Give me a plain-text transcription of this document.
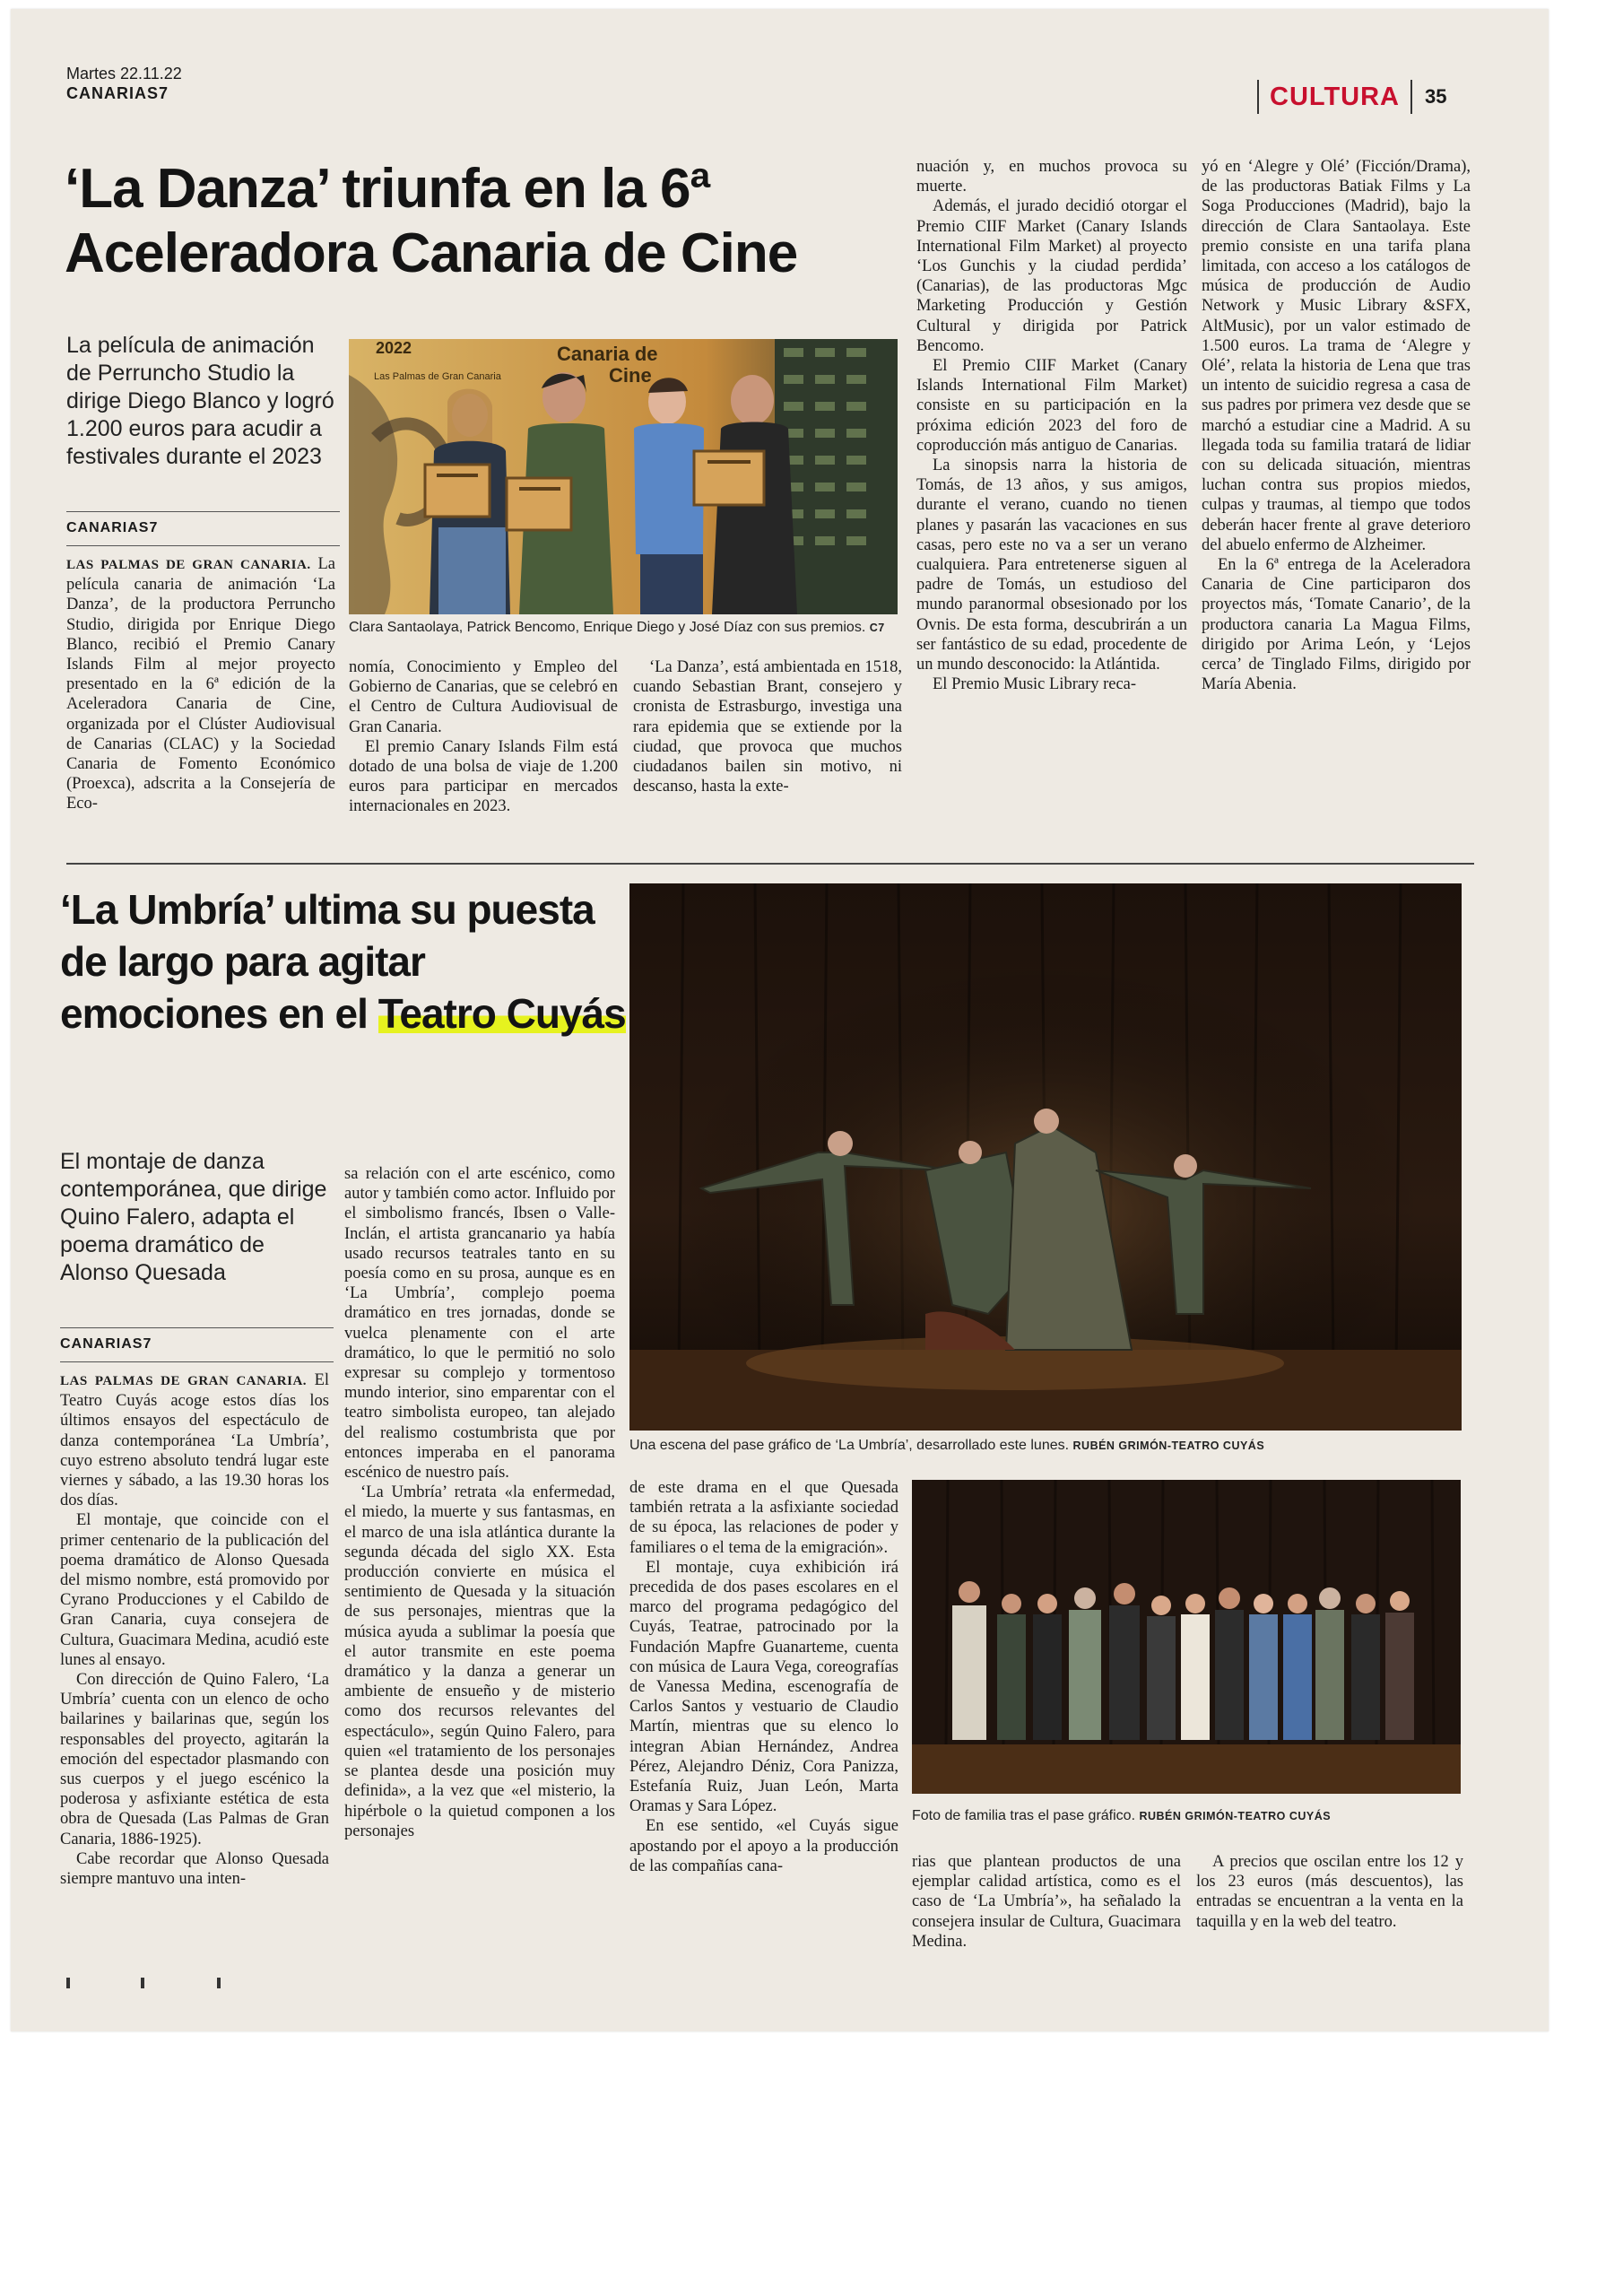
Martes 22.11.22
CANARIAS7	CULTURA	35
‘La Danza’ triunfa en la 6ª Aceleradora Canaria de Cine
La película de animación de Perruncho Studio la dirige Diego Blanco y logró 1.200 euros para acudir a festivales durante el 2023
CANARIAS7
2022
Las Palmas de Gran Canaria
Canaria de
Cine
Clara Santaolaya, Patrick Bencomo, Enrique Diego y José Díaz con sus premios. C7

LAS PALMAS DE GRAN CANARIA. La película canaria de animación ‘La Danza’, de la productora Perruncho Studio, dirigida por Enrique Diego Blanco, recibió el Premio Canary Islands Film al mejor proyecto presentado en la 6ª edición de la Aceleradora Canaria de Cine, organizada por el Clúster Audiovisual de Canarias (CLAC) y la Sociedad Canaria de Fomento Económico (Proexca), adscrita a la Consejería de Eco-

nomía, Conocimiento y Empleo del Gobierno de Canarias, que se celebró en el Centro de Cultura Audiovisual de Gran Canaria.

El premio Canary Islands Film está dotado de una bolsa de viaje de 1.200 euros para participar en mercados internacionales en 2023.

‘La Danza’, está ambientada en 1518, cuando Sebastian Brant, consejero y cronista de Estrasburgo, investiga una rara epidemia que se extiende por la ciudad, que provoca que muchos ciudadanos bailen sin motivo, ni descanso, hasta la exte-

nuación y, en muchos provoca su muerte.

Además, el jurado decidió otorgar el Premio CIIF Market (Canary Islands International Film Market) al proyecto ‘Los Gunchis y la ciudad perdida’ (Canarias), de las productoras Mgc Marketing Producción y Gestión Cultural y dirigida por Patrick Bencomo.

El Premio CIIF Market (Canary Islands International Film Market) consiste en su participación en la próxima edición 2023 del foro de coproducción más antiguo de Canarias.

La sinopsis narra la historia de Tomás, de 13 años, y sus amigos, durante el verano, cuando no tienen planes y pasarán las vacaciones en sus casas, pero este no va a ser un verano cualquiera. Para entretenerse siguen al padre de Tomás, un estudioso del mundo paranormal obsesionado por los Ovnis. De esta forma, descubrirán a un ser fantástico de su edad, procedente de un mundo desconocido: la Atlántida.

El Premio Music Library reca-

yó en ‘Alegre y Olé’ (Ficción/Drama), de las productoras Batiak Films y La Soga Producciones (Madrid), bajo la dirección de Clara Santaolaya. Este premio consiste en una tarifa plana limitada, con acceso a los catálogos de música de producción de Audio Network y Music Library &SFX, AltMusic), por un valor estimado de 1.500 euros. La trama de ‘Alegre y Olé’, relata la historia de Lena que tras un intento de suicidio regresa a casa de sus padres por primera vez desde que se marchó a estudiar cine a Madrid. A su llegada toda su familia tratará de lidiar con su delicada situación, mientras luchan contra sus propios miedos, culpas y traumas, al tiempo que todos deberán hacer frente al grave deterioro del abuelo enfermo de Alzheimer.

En la 6ª entrega de la Aceleradora Canaria de Cine participaron dos proyectos más, ‘Tomate Canario’, de la productora canaria La Magua Films, dirigido por Arima León, y ‘Lejos cerca’ de Tinglado Films, dirigido por María Abenia.

‘La Umbría’ ultima su puesta de largo para agitar emociones en el Teatro Cuyás
El montaje de danza contemporánea, que dirige Quino Falero, adapta el poema dramático de Alonso Quesada
CANARIAS7
Una escena del pase gráfico de ‘La Umbría’, desarrollado este lunes. RUBÉN GRIMÓN-TEATRO CUYÁS
Foto de familia tras el pase gráfico. RUBÉN GRIMÓN-TEATRO CUYÁS

LAS PALMAS DE GRAN CANARIA. El Teatro Cuyás acoge estos días los últimos ensayos del espectáculo de danza contemporánea ‘La Umbría’, cuyo estreno absoluto tendrá lugar este viernes y sábado, a las 19.30 horas los dos días.

El montaje, que coincide con el primer centenario de la publicación del poema dramático de Alonso Quesada del mismo nombre, está promovido por Cyrano Producciones y el Cabildo de Gran Canaria, cuya consejera de Cultura, Guacimara Medina, acudió este lunes al ensayo.

Con dirección de Quino Falero, ‘La Umbría’ cuenta con un elenco de ocho bailarines y bailarinas que, según los responsables del proyecto, agitarán la emoción del espectador plasmando con sus cuerpos y el juego escénico la poderosa y asfixiante estética de esta obra de Quesada (Las Palmas de Gran Canaria, 1886-1925).

Cabe recordar que Alonso Quesada siempre mantuvo una inten-

sa relación con el arte escénico, como autor y también como actor. Influido por el simbolismo francés, Ibsen o Valle-Inclán, el artista grancanario ya había usado recursos teatrales tanto en su poesía como en su prosa, aunque es en ‘La Umbría’, complejo poema dramático en tres jornadas, donde se vuelca plenamente con el arte dramático, lo que le permitió no solo expresar su complejo y tormentoso mundo interior, sino emparentar con el teatro simbolista europeo, tan alejado del realismo costumbrista que por entonces imperaba en el panorama escénico de nuestro país.

‘La Umbría’ retrata «la enfermedad, el miedo, la muerte y sus fantasmas, en el marco de una isla atlántica durante la segunda década del siglo XX. Esta producción convierte en música el sentimiento de Quesada y la situación de sus personajes, mientras que la música ayuda a sublimar la poesía que el autor transmite en este poema dramático y la danza a generar un ambiente de ensueño y de misterio como dos recursos relevantes del espectáculo», según Quino Falero, para quien «el tratamiento de los personajes se plantea desde una posición muy definida», a la vez que «el misterio, la hipérbole o la quietud componen a los personajes

de este drama en el que Quesada también retrata a la asfixiante sociedad de su época, las relaciones de poder y familiares o el tema de la emigración».

El montaje, cuya exhibición irá precedida de dos pases escolares en el marco del programa pedagógico del Cuyás, Teatrae, patrocinado por la Fundación Mapfre Guanarteme, cuenta con música de Laura Vega, coreografías de Vanessa Medina, escenografía de Carlos Santos y vestuario de Claudio Martín, mientras que su elenco lo integran Abian Hernández, Andrea Pérez, Alejandro Déniz, Cora Panizza, Estefanía Ruiz, Juan León, Marta Oramas y Sara López.

En ese sentido, «el Cuyás sigue apostando por el apoyo a la producción de las compañías cana-	rias que plantean productos de una ejemplar calidad artística, como es el caso de ‘La Umbría’», ha señalado la consejera insular de Cultura, Guacimara Medina.

A precios que oscilan entre los 12 y los 23 euros (más descuentos), las entradas se encuentran a la venta en la taquilla y en la web del teatro.
